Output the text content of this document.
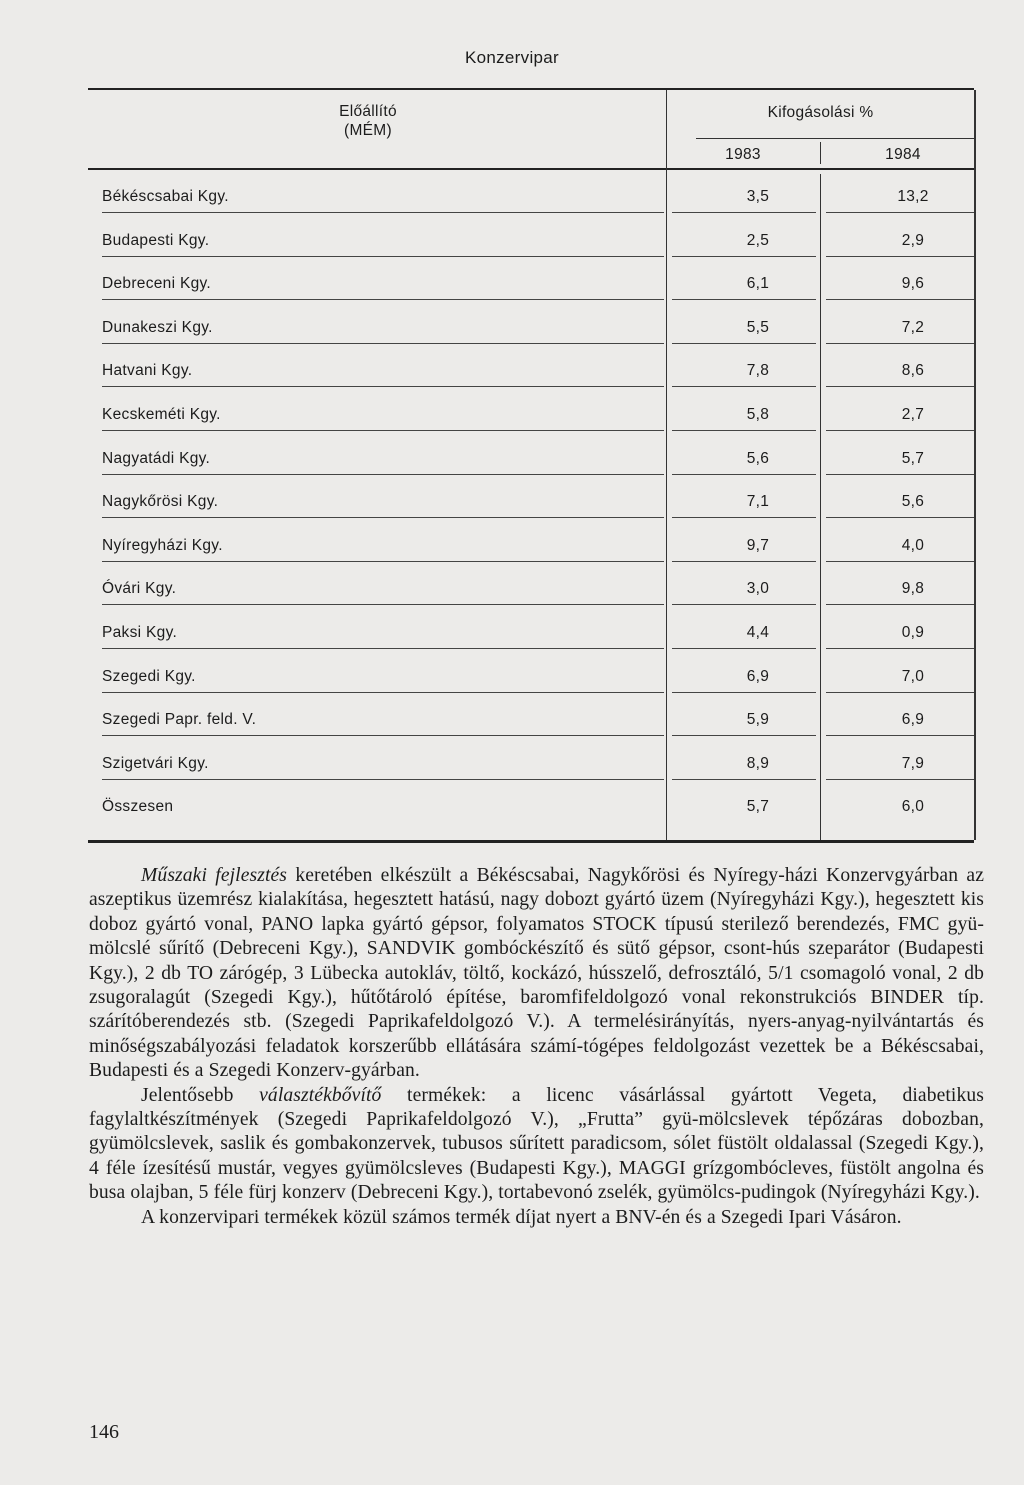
Konzervipar
Előállító
(MÉM)
Kifogásolási %
1983	1984
Békéscsabai Kgy.	3,5	13,2
Budapesti Kgy.	2,5	2,9
Debreceni Kgy.	6,1	9,6
Dunakeszi Kgy.	5,5	7,2
Hatvani Kgy.	7,8	8,6
Kecskeméti Kgy.	5,8	2,7
Nagyatádi Kgy.	5,6	5,7
Nagykőrösi Kgy.	7,1	5,6
Nyíregyházi Kgy.	9,7	4,0
Óvári Kgy.	3,0	9,8
Paksi Kgy.	4,4	0,9
Szegedi Kgy.	6,9	7,0
Szegedi Papr. feld. V.	5,9	6,9
Szigetvári Kgy.	8,9	7,9
Összesen	5,7	6,0

Műszaki fejlesztés keretében elkészült a Békéscsabai, Nagykőrösi és Nyíregy-házi Konzervgyárban az aszeptikus üzemrész kialakítása, hegesztett hatású, nagy dobozt gyártó üzem (Nyíregyházi Kgy.), hegesztett kis doboz gyártó vonal, PANO lapka gyártó gépsor, folyamatos STOCK típusú sterilező berendezés, FMC gyü-mölcslé sűrítő (Debreceni Kgy.), SANDVIK gombóckészítő és sütő gépsor, csont-hús szeparátor (Budapesti Kgy.), 2 db TO zárógép, 3 Lübecka autokláv, töltő, kockázó, hússzelő, defrosztáló, 5/1 csomagoló vonal, 2 db zsugoralagút (Szegedi Kgy.), hűtőtároló építése, baromfifeldolgozó vonal rekonstrukciós BINDER típ. szárítóberendezés stb. (Szegedi Paprikafeldolgozó V.). A termelésirányítás, nyers-anyag-nyilvántartás és minőségszabályozási feladatok korszerűbb ellátására számí-tógépes feldolgozást vezettek be a Békéscsabai, Budapesti és a Szegedi Konzerv-gyárban.

Jelentősebb választékbővítő termékek: a licenc vásárlással gyártott Vegeta, diabetikus fagylaltkészítmények (Szegedi Paprikafeldolgozó V.), „Frutta” gyü-mölcslevek tépőzáras dobozban, gyümölcslevek, saslik és gombakonzervek, tubusos sűrített paradicsom, sólet füstölt oldalassal (Szegedi Kgy.), 4 féle ízesítésű mustár, vegyes gyümölcsleves (Budapesti Kgy.), MAGGI grízgombócleves, füstölt angolna és busa olajban, 5 féle fürj konzerv (Debreceni Kgy.), tortabevonó zselék, gyümölcs-pudingok (Nyíregyházi Kgy.).

A konzervipari termékek közül számos termék díjat nyert a BNV-én és a Szegedi Ipari Vásáron.

146
